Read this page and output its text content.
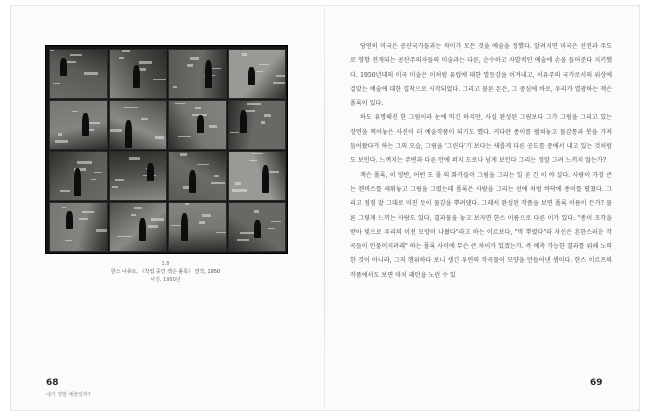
1.8
한스 나뮤트, 《작업 중인 잭슨 폴록》 연작, 1950
사진, 1950년
68
내가 정말 예술일까?

당연히 미국은 공산국가들과는 차이가 모든 것을 예술을 정했다. 알려지면 미국은 선전과 주도로 영향 전개되는 공산주의자들의 미술과는 다른, 순수하고 자발적인 예술에 손을 들어준다 지키했다. 1950년대의 미국 미술은 이처럼 유럽에 대한 열등감을 이겨내고, 서유주의 국가로서의 위상에 걸맞는 예술에 대한 집착으로 시작되었다. 그리고 물론 돈은, 그 중심에 바로, 우리가 열광하는 잭슨 폴록이 있다.

하도 유명해진 한 그림이라 눈에 익긴 하지만, 사실 완성된 그림보다 그가 그림을 그리고 있는 장면을 찍어놓은 사진이 더 예술작품이 되기도 했다. 커다란 종이를 펼쳐놓고 물감통과 붓을 가져 들어왔다가 하는 그의 모습, 그림을 '그린다'기 보다는 새롭게 다른 공도를 중에서 내고 있는 것처럼 도 보인다. 느껴지는 주변과 다른 안에 퍼지 도로나 넘게 보인다 그리는 정말 그려 느끼지 않는가?

잭슨 폴록, 이 양반, 어떤 도 몰 의 화가들이 그림을 그리는 일 곧 긴 이 야 살다. 사람이 가장 큰 는 캔버스를 세워놓고 그림을 그렸는데 폴록은 사람을 그리는 선에 처럼 바닥에 종이를 펼쳤다. 그리고 점점 잘 그대로 미친 듯이 물감을 뿌려댔다. 그래서 완성된 작품을 보면 폴록 이름이 든가? 물론 그렇게 느끼는 사람도 있다, 결과물을 놓고 보자면 한스 이름으로 다른 이가 있다. "종이 조각을 받아 빛으로 우리의 이전 모양이 나왔다"라고 하는 이르보다, "막 뿌렸다"라 자신은 흔한스러운 작곡들이 인물이지려레" 하는 폴록 사이에 무슨 큰 차이가 있겠는가. 즉 예측 가능한 결과를 위해 노력한 것이 아니라, 그저 행위하다 보니 생긴 우연의 작곡물이 모양을 만들어낸 셈이다. 한스 이르프의 작품에서도 보면 마치 패턴을 노린 수 있

69
